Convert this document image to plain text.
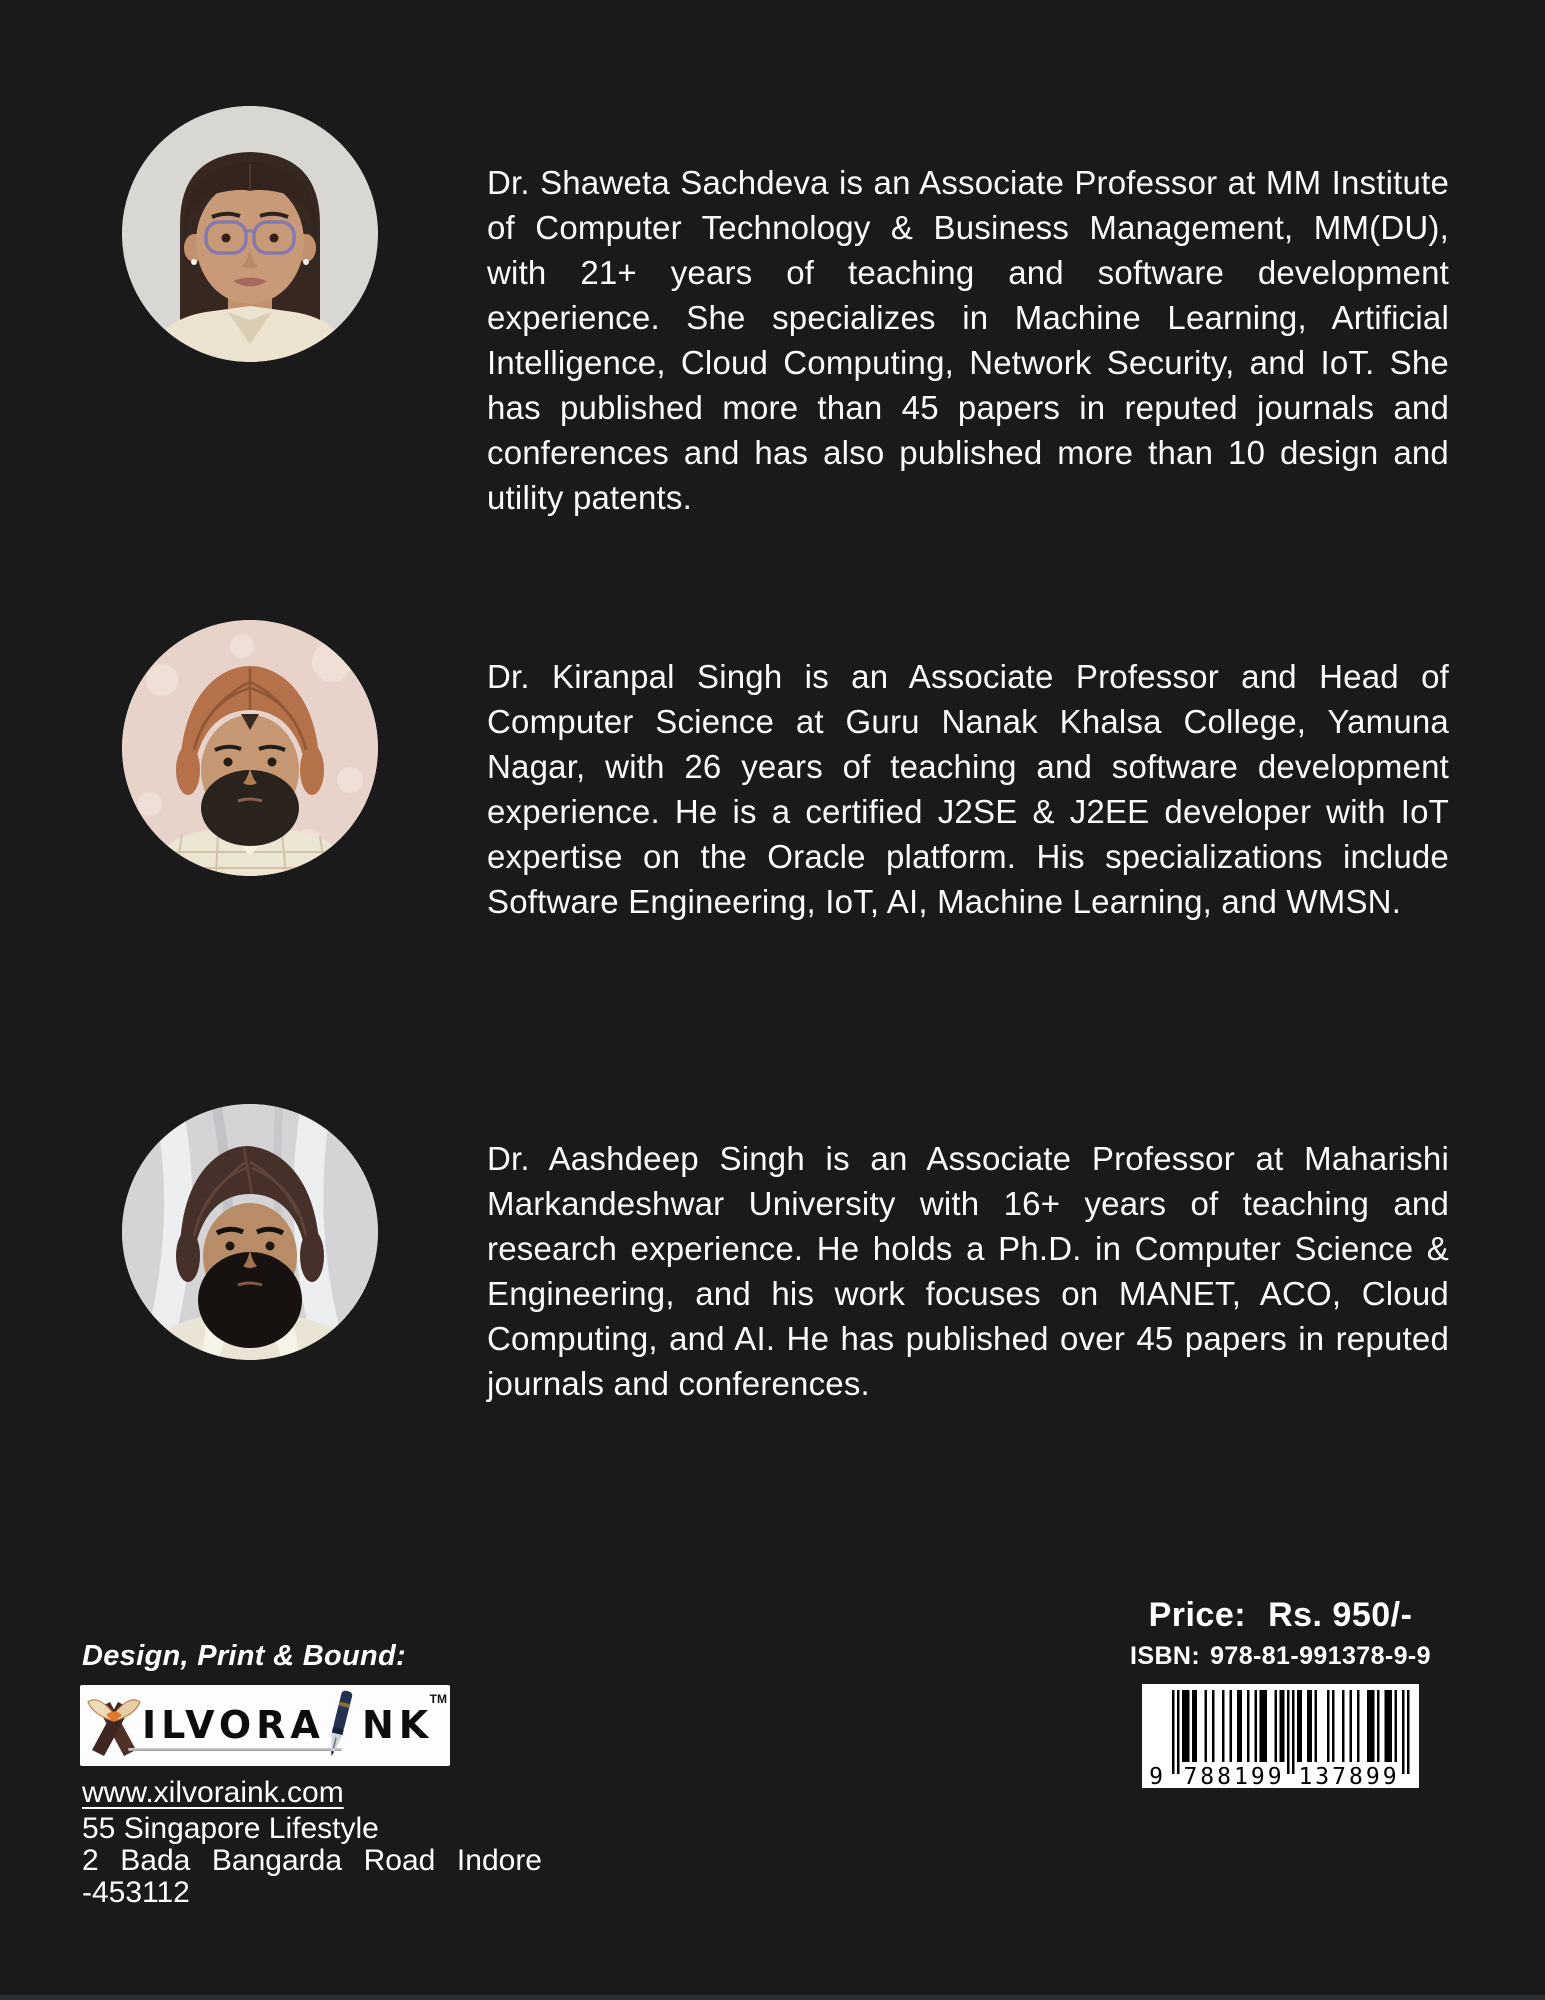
Dr. Shaweta Sachdeva is an Associate Professor at MM Institute of Computer Technology & Business Management, MM(DU), with 21+ years of teaching and software development experience. She specializes in Machine Learning, Artificial Intelligence, Cloud Computing, Network Security, and IoT. She has published more than 45 papers in reputed journals and conferences and has also published more than 10 design and utility patents.

Dr. Kiranpal Singh is an Associate Professor and Head of Computer Science at Guru Nanak Khalsa College, Yamuna Nagar, with 26 years of teaching and software development experience. He is a certified J2SE & J2EE developer with IoT expertise on the Oracle platform. His specializations include Software Engineering, IoT, AI, Machine Learning, and WMSN.

Dr. Aashdeep Singh is an Associate Professor at Maharishi Markandeshwar University with 16+ years of teaching and research experience. He holds a Ph.D. in Computer Science & Engineering, and his work focuses on MANET, ACO, Cloud Computing, and AI. He has published over 45 papers in reputed journals and conferences.

Price: Rs. 950/-
ISBN: 978-81-991378-9-9
9 788199 137899
Design, Print & Bound:
ILVORA NK
TM
www.xilvoraink.com
55 Singapore Lifestyle
2 Bada Bangarda Road Indore
-453112
